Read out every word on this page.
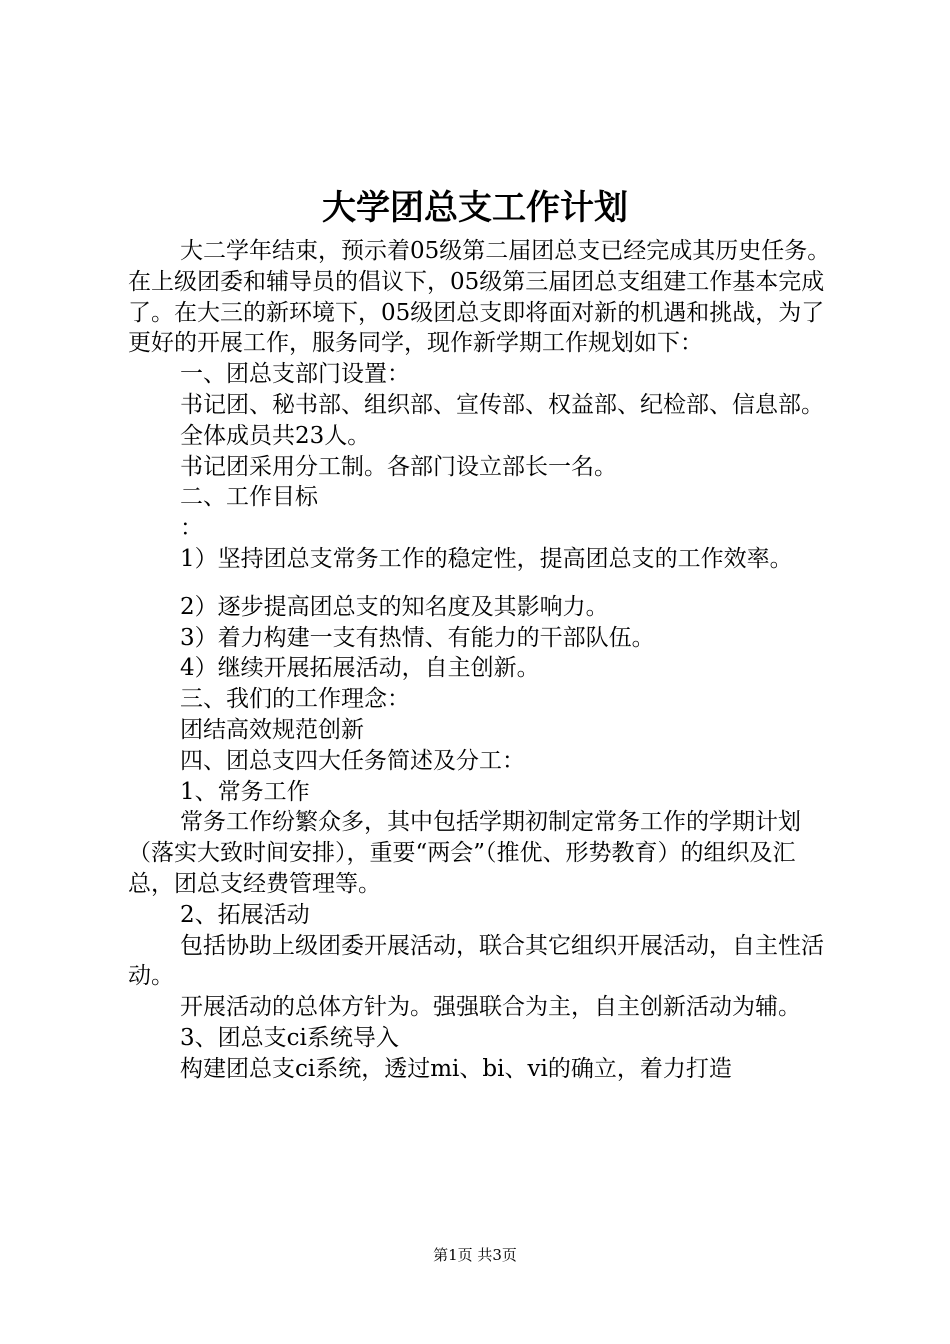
大学团总支工作计划

大二学年结束，预示着05级第二届团总支已经完成其历史任务。在上级团委和辅导员的倡议下，05级第三届团总支组建工作基本完成了。在大三的新环境下，05级团总支即将面对新的机遇和挑战，为了更好的开展工作，服务同学，现作新学期工作规划如下：

一、团总支部门设置：

书记团、秘书部、组织部、宣传部、权益部、纪检部、信息部。

全体成员共23人。

书记团采用分工制。各部门设立部长一名。

二、工作目标

：

1）坚持团总支常务工作的稳定性，提高团总支的工作效率。

2）逐步提高团总支的知名度及其影响力。

3）着力构建一支有热情、有能力的干部队伍。

4）继续开展拓展活动，自主创新。

三、我们的工作理念：

团结高效规范创新

四、团总支四大任务简述及分工：

1、常务工作

常务工作纷繁众多，其中包括学期初制定常务工作的学期计划（落实大致时间安排），重要“两会”（推优、形势教育）的组织及汇总，团总支经费管理等。

2、拓展活动

包括协助上级团委开展活动，联合其它组织开展活动，自主性活动。

开展活动的总体方针为。强强联合为主，自主创新活动为辅。

3、团总支ci系统导入

构建团总支ci系统，透过mi、bi、vi的确立，着力打造

第1页 共3页
